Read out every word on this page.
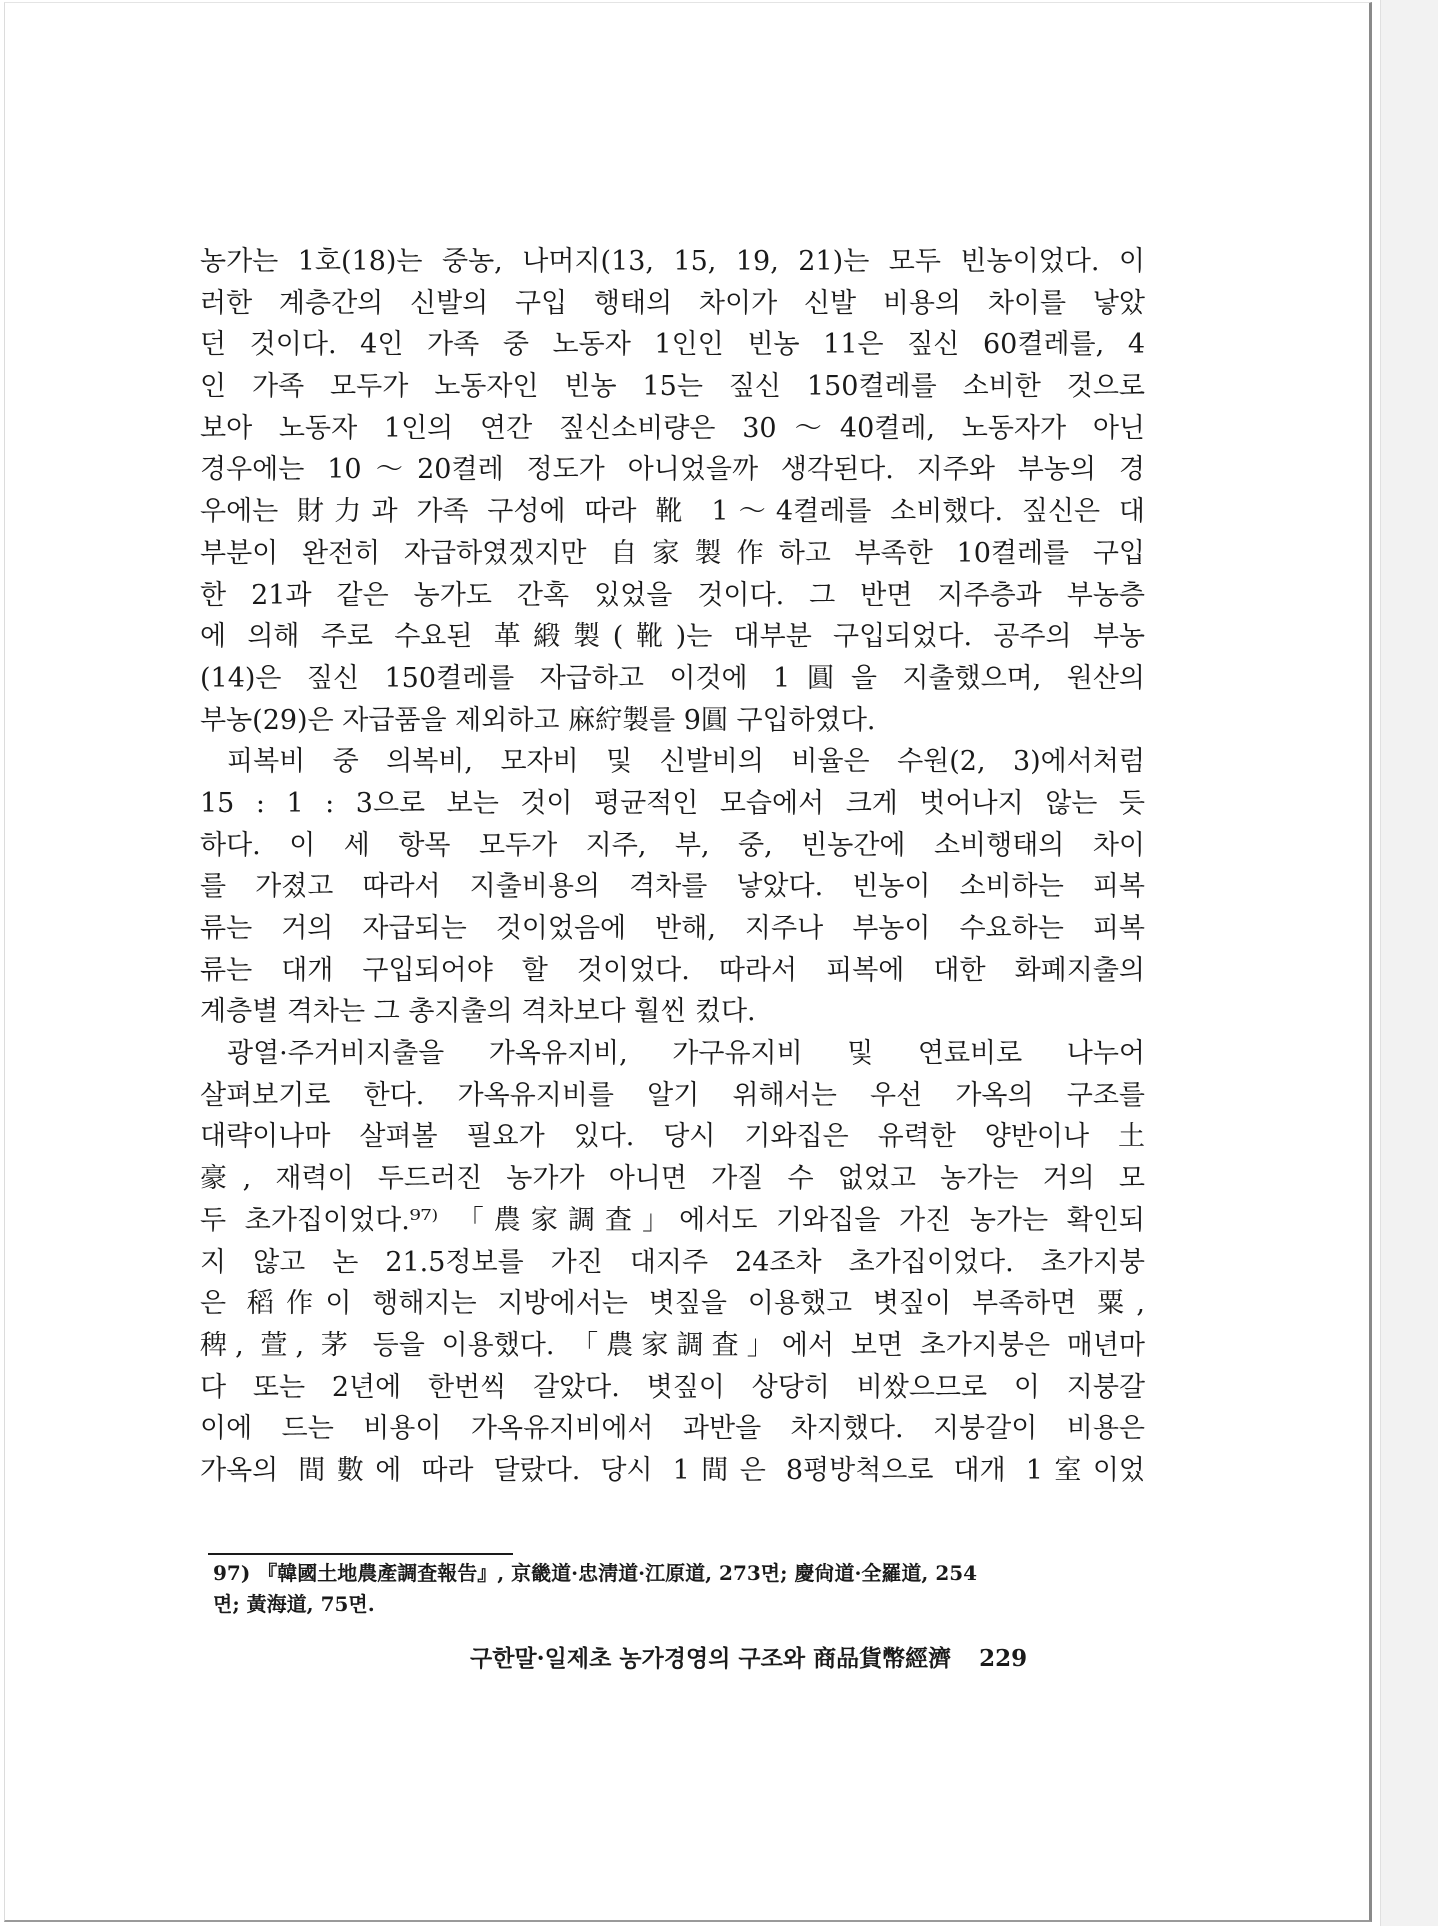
농가는 1호(18)는 중농, 나머지(13, 15, 19, 21)는 모두 빈농이었다. 이
러한 계층간의 신발의 구입 행태의 차이가 신발 비용의 차이를 낳았
던 것이다. 4인 가족 중 노동자 1인인 빈농 11은 짚신 60켤레를, 4
인 가족 모두가 노동자인 빈농 15는 짚신 150켤레를 소비한 것으로
보아 노동자 1인의 연간 짚신소비량은 30～40켤레, 노동자가 아닌
경우에는 10～20켤레 정도가 아니었을까 생각된다. 지주와 부농의 경
우에는 財力과 가족 구성에 따라 靴 1～4켤레를 소비했다. 짚신은 대
부분이 완전히 자급하였겠지만 自家製作하고 부족한 10켤레를 구입
한 21과 같은 농가도 간혹 있었을 것이다. 그 반면 지주층과 부농층
에 의해 주로 수요된 革緞製(靴)는 대부분 구입되었다. 공주의 부농
(14)은 짚신 150켤레를 자급하고 이것에 1圓을 지출했으며, 원산의
부농(29)은 자급품을 제외하고 麻紵製를 9圓 구입하였다.

피복비 중 의복비, 모자비 및 신발비의 비율은 수원(2, 3)에서처럼
15 : 1 : 3으로 보는 것이 평균적인 모습에서 크게 벗어나지 않는 듯
하다. 이 세 항목 모두가 지주, 부, 중, 빈농간에 소비행태의 차이
를 가졌고 따라서 지출비용의 격차를 낳았다. 빈농이 소비하는 피복
류는 거의 자급되는 것이었음에 반해, 지주나 부농이 수요하는 피복
류는 대개 구입되어야 할 것이었다. 따라서 피복에 대한 화폐지출의
계층별 격차는 그 총지출의 격차보다 훨씬 컸다.

광열·주거비지출을 가옥유지비, 가구유지비 및 연료비로 나누어
살펴보기로 한다. 가옥유지비를 알기 위해서는 우선 가옥의 구조를
대략이나마 살펴볼 필요가 있다. 당시 기와집은 유력한 양반이나 土
豪, 재력이 두드러진 농가가 아니면 가질 수 없었고 농가는 거의 모
두 초가집이었다.⁹⁷⁾ 「農家調査」에서도 기와집을 가진 농가는 확인되
지 않고 논 21.5정보를 가진 대지주 24조차 초가집이었다. 초가지붕
은 稻作이 행해지는 지방에서는 볏짚을 이용했고 볏짚이 부족하면 粟,
稗, 萱, 茅 등을 이용했다. 「農家調査」에서 보면 초가지붕은 매년마
다 또는 2년에 한번씩 갈았다. 볏짚이 상당히 비쌌으므로 이 지붕갈
이에 드는 비용이 가옥유지비에서 과반을 차지했다. 지붕갈이 비용은
가옥의 間數에 따라 달랐다. 당시 1間은 8평방척으로 대개 1室이었

97) 『韓國土地農產調査報告』, 京畿道·忠淸道·江原道, 273면; 慶尙道·全羅道, 254
면; 黃海道, 75면.
구한말·일제초 농가경영의 구조와 商品貨幣經濟 229
